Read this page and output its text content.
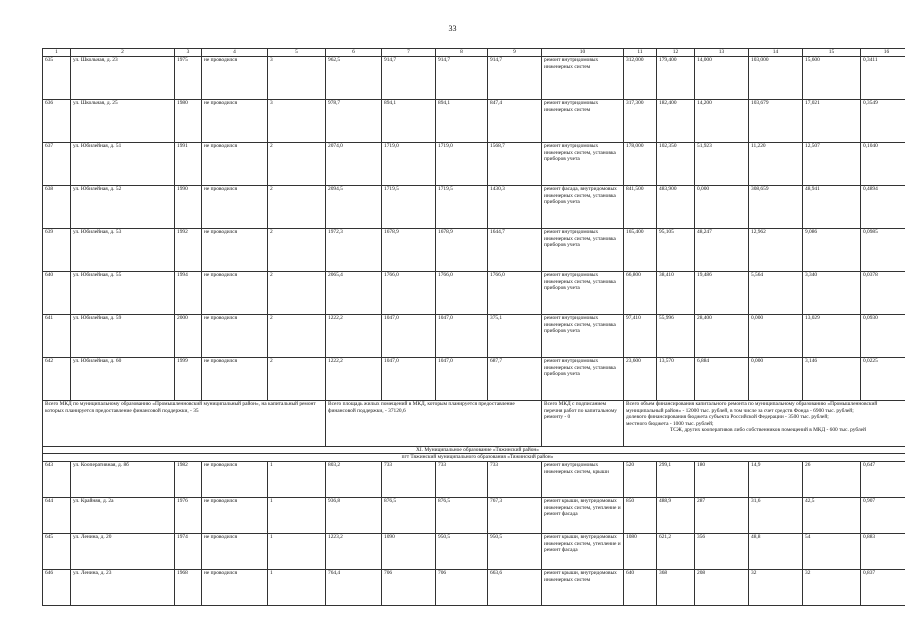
33
1	2	3	4	5	6	7	8	9	10	11	12	13	14	15	16
635	ул. Школьная, д. 23	1975	не проводился	3	962,5	914,7	914,7	914,7	ремонт внутридомовых инженерных систем	312,000	179,400	14,000	103,000	15,600	0,3411
636	ул. Школьная, д. 25	1980	не проводился	3	978,7	894,1	894,1	847,4	ремонт внутридомовых инженерных систем	317,300	182,400	14,200	103,679	17,021	0,3549
637	ул. Юбилейная, д. 51	1991	не проводился	2	2074,0	1719,0	1719,0	1568,7	ремонт внутридомовых инженерных систем, установка приборов учета	178,000	102,350	51,923	11,220	12,507	0,1040
638	ул. Юбилейная, д. 52	1990	не проводился	2	2094,5	1719,5	1719,5	1430,3	ремонт фасада, внутридомовых инженерных систем, установка приборов учета	841,500	483,900	0,000	308,659	48,941	0,4894
639	ул. Юбилейная, д. 53	1992	не проводился	2	1972,3	1678,9	1678,9	1644,7	ремонт внутридомовых инженерных систем, установка приборов учета	165,400	95,105	48,247	12,962	9,086	0,0985
640	ул. Юбилейная, д. 55	1994	не проводился	2	2065,4	1766,0	1766,0	1766,0	ремонт внутридомовых инженерных систем, установка приборов учета	66,800	38,410	19,486	5,564	3,340	0,0378
641	ул. Юбилейная, д. 59	2000	не проводился	2	1222,2	1047,0	1047,0	375,1	ремонт внутридомовых инженерных систем, установка приборов учета	97,410	55,996	28,400	0,000	13,029	0,0930
642	ул. Юбилейная, д. 60	1999	не проводился	2	1222,2	1047,0	1047,0	687,7	ремонт внутридомовых инженерных систем, установка приборов учета	23,600	13,570	6,884	0,000	3,146	0,0225
Всего МКД по муниципальному образованию «Промышленновский муниципальный район», на капитальный ремонт которых планируется предоставление финансовой поддержки, - 35					Всего площадь жилых помещений в МКД, которым планируется предоставление финансовой поддержки, - 37120,6				Всего МКД с подписанием перечня работ по капитальному ремонту - 0	Всего объем финансирования капитального ремонта по муниципальному образованию «Промышленновский муниципальный район» - 12000 тыс. рублей, в том числе за счет средств Фонда - 6900 тыс. рублей;
долевого финансирования бюджета субъекта Российской Федерации - 3500 тыс. рублей;
местного бюджета - 1000 тыс. рублей;
ТСЖ, других кооперативов либо собственников помещений в МКД - 600 тыс. рублей					

XI. Муниципальное образование «Тяжинский район»															
пгт Тяжинский муниципального образования «Тяжинский район»															
643	ул. Кооперативная, д. 8б	1982	не проводился	1	803,2	733	733	733	ремонт внутридомовых инженерных систем, крыши	520	299,1	180	14,9	26	0,647
644	ул. Крайняя, д. 2а	1976	не проводился	1	936,8	876,5	876,5	767,3	ремонт крыши, внутридомовых инженерных систем, утепление и ремонт фасада	850	488,9	287	31,6	42,5	0,907
645	ул. Ленина, д. 20	1974	не проводился	1	1223,2	1090	950,5	950,5	ремонт крыши, внутридомовых инженерных систем, утепление и ремонт фасада	1080	621,2	356	48,8	54	0,883
646	ул. Ленина, д. 23	1968	не проводился	1	764,4	706	706	663,6	ремонт крыши, внутридомовых инженерных систем	640	368	208	32	32	0,837
